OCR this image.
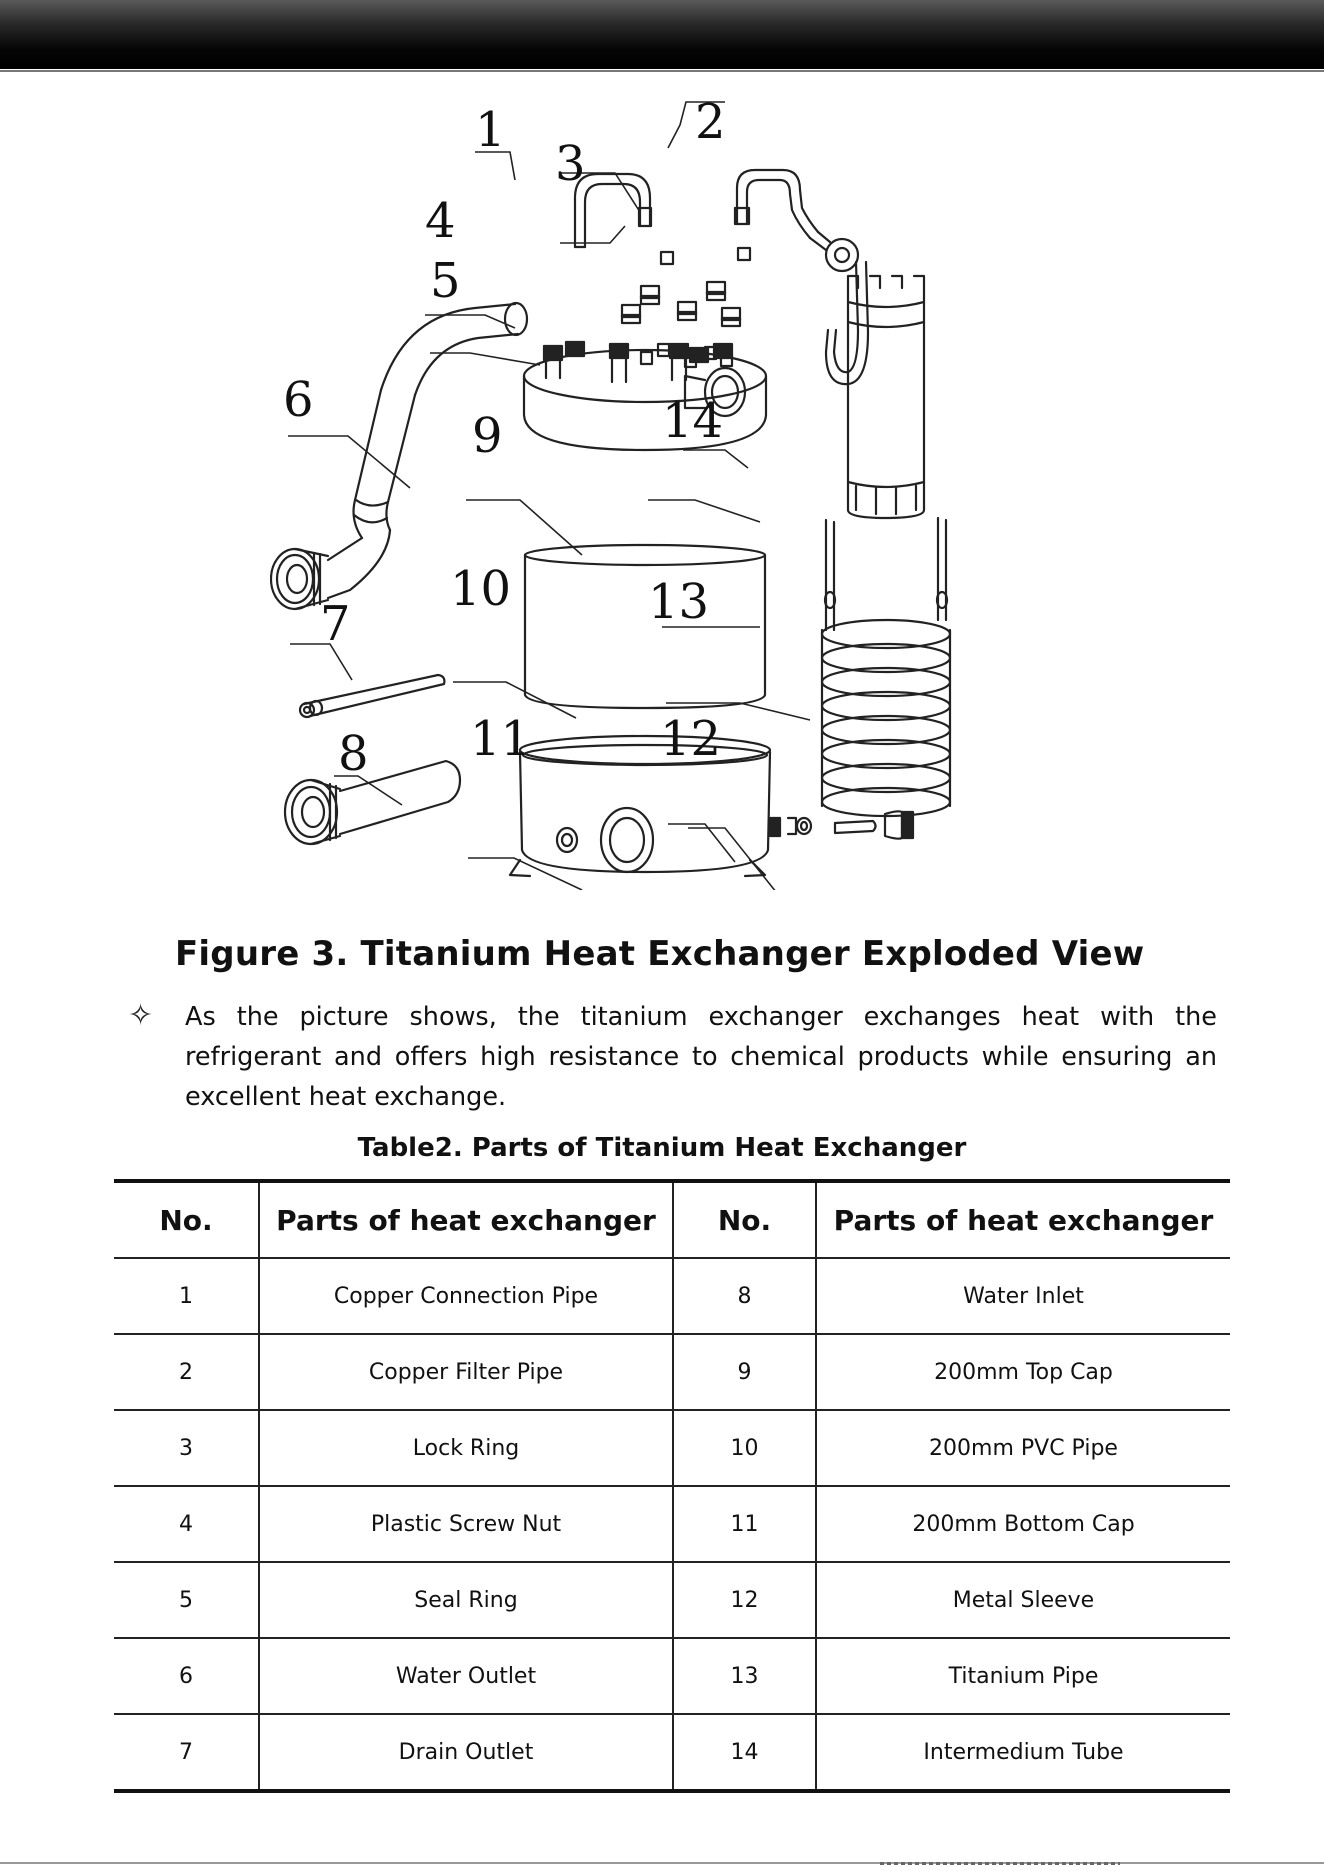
1	2
3
4
5
6
7
8
9
10
11	12
13
14
Figure 3. Titanium Heat Exchanger Exploded View
✧ As the picture shows, the titanium exchanger exchanges heat with the refrigerant and offers high resistance to chemical products while ensuring an excellent heat exchange.
Table2. Parts of Titanium Heat Exchanger
No.	Parts of heat exchanger	No.	Parts of heat exchanger
1	Copper Connection Pipe	8	Water Inlet
2	Copper Filter Pipe	9	200mm Top Cap
3	Lock Ring	10	200mm PVC Pipe
4	Plastic Screw Nut	11	200mm Bottom Cap
5	Seal Ring	12	Metal Sleeve
6	Water Outlet	13	Titanium Pipe
7	Drain Outlet	14	Intermedium Tube
